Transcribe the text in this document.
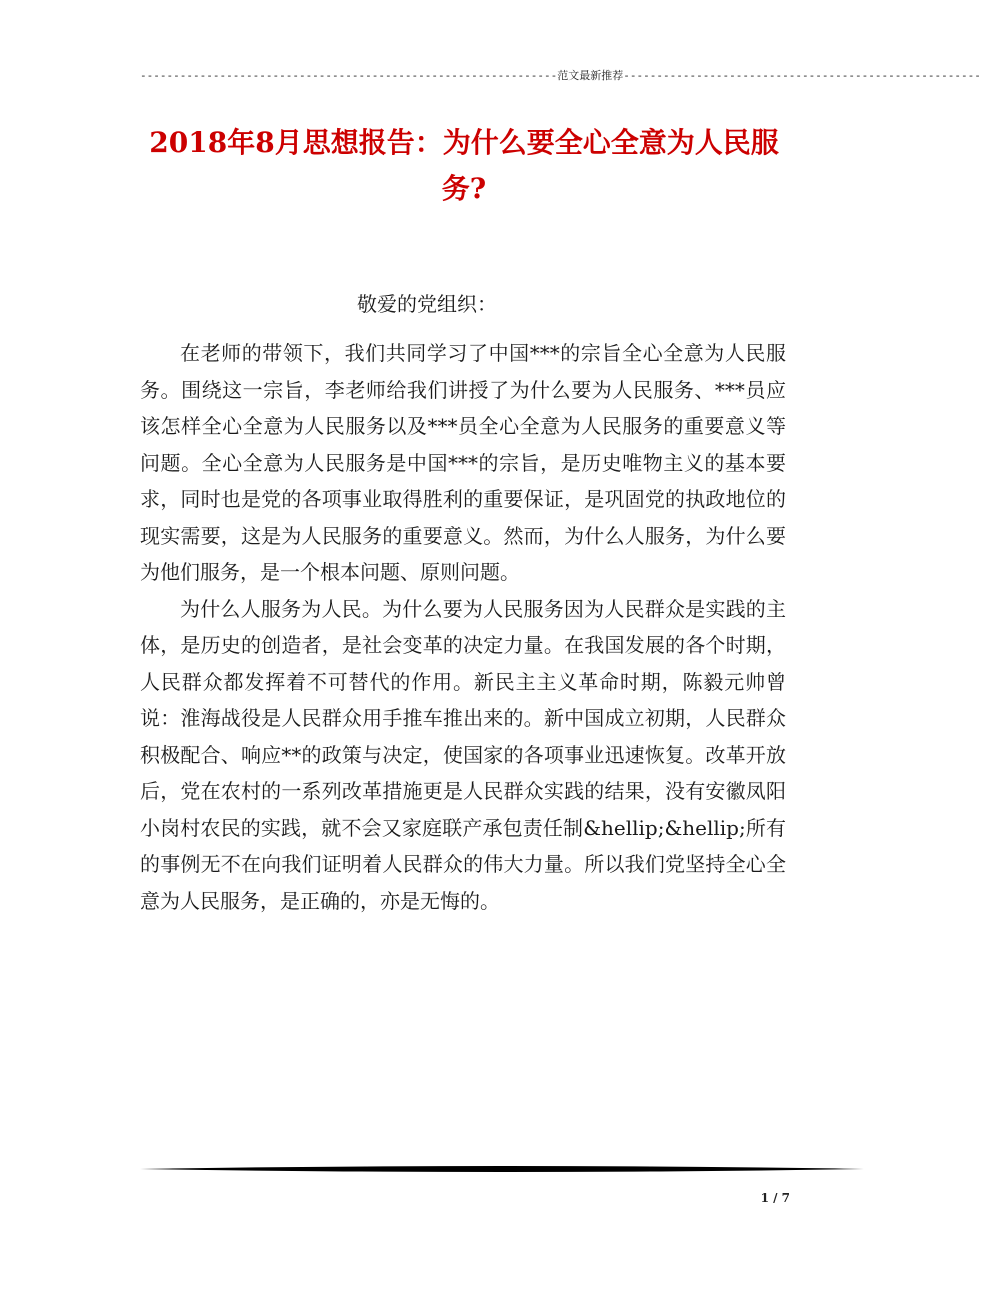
---------------------------------------------------------------范文最新推荐------------------------------------------------------
2018年8月思想报告：为什么要全心全意为人民服务?

敬爱的党组织：

在老师的带领下，我们共同学习了中国***的宗旨全心全意为人民服务。围绕这一宗旨，李老师给我们讲授了为什么要为人民服务、***员应该怎样全心全意为人民服务以及***员全心全意为人民服务的重要意义等问题。全心全意为人民服务是中国***的宗旨，是历史唯物主义的基本要求，同时也是党的各项事业取得胜利的重要保证，是巩固党的执政地位的现实需要，这是为人民服务的重要意义。然而，为什么人服务，为什么要为他们服务，是一个根本问题、原则问题。

为什么人服务为人民。为什么要为人民服务因为人民群众是实践的主体，是历史的创造者，是社会变革的决定力量。在我国发展的各个时期，人民群众都发挥着不可替代的作用。新民主主义革命时期，陈毅元帅曾说：淮海战役是人民群众用手推车推出来的。新中国成立初期，人民群众积极配合、响应**的政策与决定，使国家的各项事业迅速恢复。改革开放后，党在农村的一系列改革措施更是人民群众实践的结果，没有安徽凤阳小岗村农民的实践，就不会又家庭联产承包责任制&hellip;&hellip;所有的事例无不在向我们证明着人民群众的伟大力量。所以我们党坚持全心全意为人民服务，是正确的，亦是无悔的。

1 / 7
